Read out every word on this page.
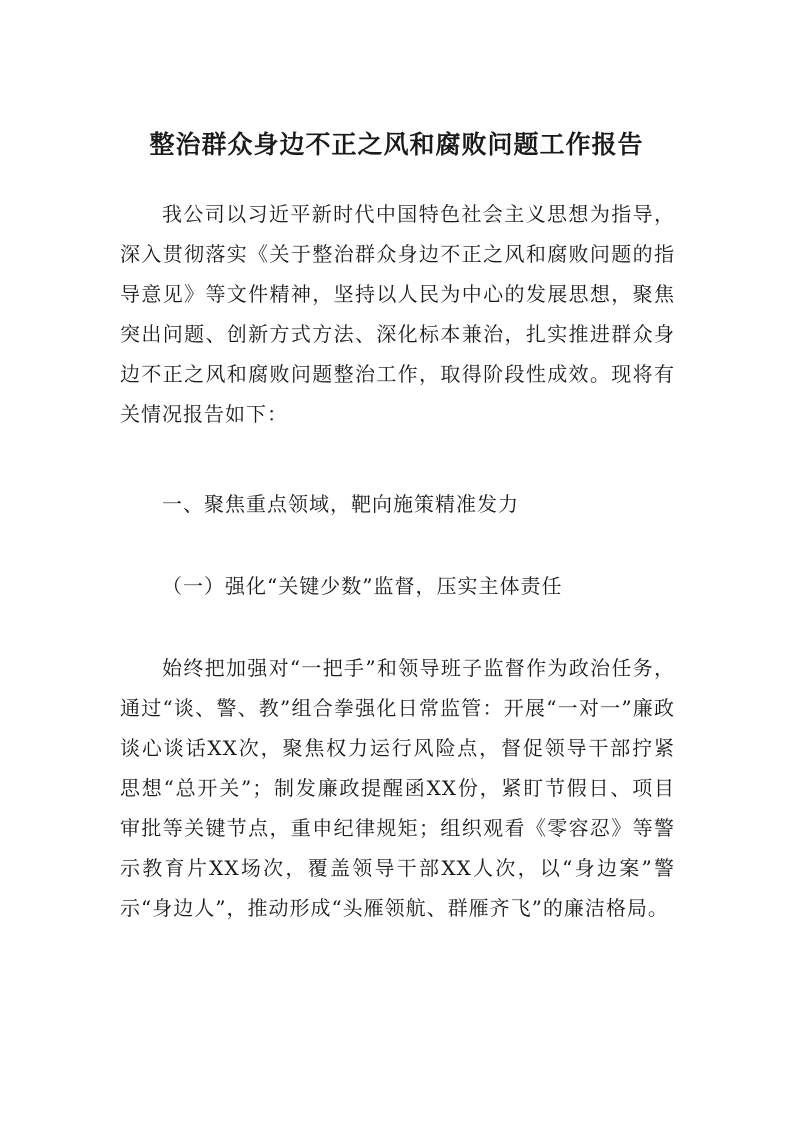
整治群众身边不正之风和腐败问题工作报告

我公司以习近平新时代中国特色社会主义思想为指导，深入贯彻落实《关于整治群众身边不正之风和腐败问题的指导意见》等文件精神，坚持以人民为中心的发展思想，聚焦突出问题、创新方式方法、深化标本兼治，扎实推进群众身边不正之风和腐败问题整治工作，取得阶段性成效。现将有关情况报告如下：

一、聚焦重点领域，靶向施策精准发力

（一）强化“关键少数”监督，压实主体责任

始终把加强对“一把手”和领导班子监督作为政治任务，通过“谈、警、教”组合拳强化日常监管：开展“一对一”廉政谈心谈话XX次，聚焦权力运行风险点，督促领导干部拧紧思想“总开关”；制发廉政提醒函XX份，紧盯节假日、项目审批等关键节点，重申纪律规矩；组织观看《零容忍》等警示教育片XX场次，覆盖领导干部XX人次，以“身边案”警示“身边人”，推动形成“头雁领航、群雁齐飞”的廉洁格局。
